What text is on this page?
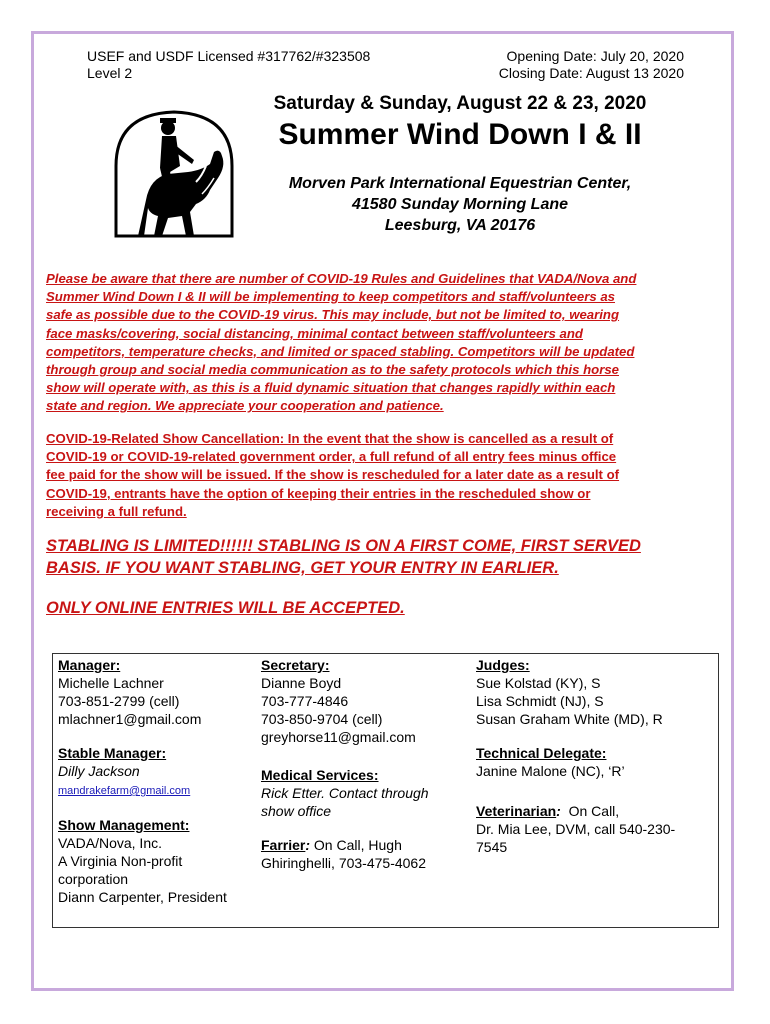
USEF and USDF Licensed #317762/#323508
Level 2
Opening Date: July 20, 2020
Closing Date: August 13 2020
Saturday & Sunday, August 22 & 23, 2020
Summer Wind Down I & II
Morven Park International Equestrian Center,
41580 Sunday Morning Lane
Leesburg, VA 20176
Please be aware that there are number of COVID-19 Rules and Guidelines that VADA/Nova and
Summer Wind Down I & II will be implementing to keep competitors and staff/volunteers as
safe as possible due to the COVID-19 virus. This may include, but not be limited to, wearing
face masks/covering, social distancing, minimal contact between staff/volunteers and
competitors, temperature checks, and limited or spaced stabling. Competitors will be updated
through group and social media communication as to the safety protocols which this horse
show will operate with, as this is a fluid dynamic situation that changes rapidly within each
state and region. We appreciate your cooperation and patience.
COVID-19-Related Show Cancellation: In the event that the show is cancelled as a result of
COVID-19 or COVID-19-related government order, a full refund of all entry fees minus office
fee paid for the show will be issued. If the show is rescheduled for a later date as a result of
COVID-19, entrants have the option of keeping their entries in the rescheduled show or
receiving a full refund.
STABLING IS LIMITED!!!!!! STABLING IS ON A FIRST COME, FIRST SERVED
BASIS. IF YOU WANT STABLING, GET YOUR ENTRY IN EARLIER.
ONLY ONLINE ENTRIES WILL BE ACCEPTED.
Manager:
Michelle Lachner
703-851-2799 (cell)
mlachner1@gmail.com
Stable Manager:
Dilly Jackson
mandrakefarm@gmail.com
Show Management:
VADA/Nova, Inc.
A Virginia Non-profit
corporation
Diann Carpenter, President
Secretary:
Dianne Boyd
703-777-4846
703-850-9704 (cell)
greyhorse11@gmail.com
Medical Services:
Rick Etter. Contact through
show office
Farrier: On Call, Hugh
Ghiringhelli, 703-475-4062
Judges:
Sue Kolstad (KY), S
Lisa Schmidt (NJ), S
Susan Graham White (MD), R
Technical Delegate:
Janine Malone (NC), ‘R’
Veterinarian:  On Call,
Dr. Mia Lee, DVM, call 540-230-
7545
